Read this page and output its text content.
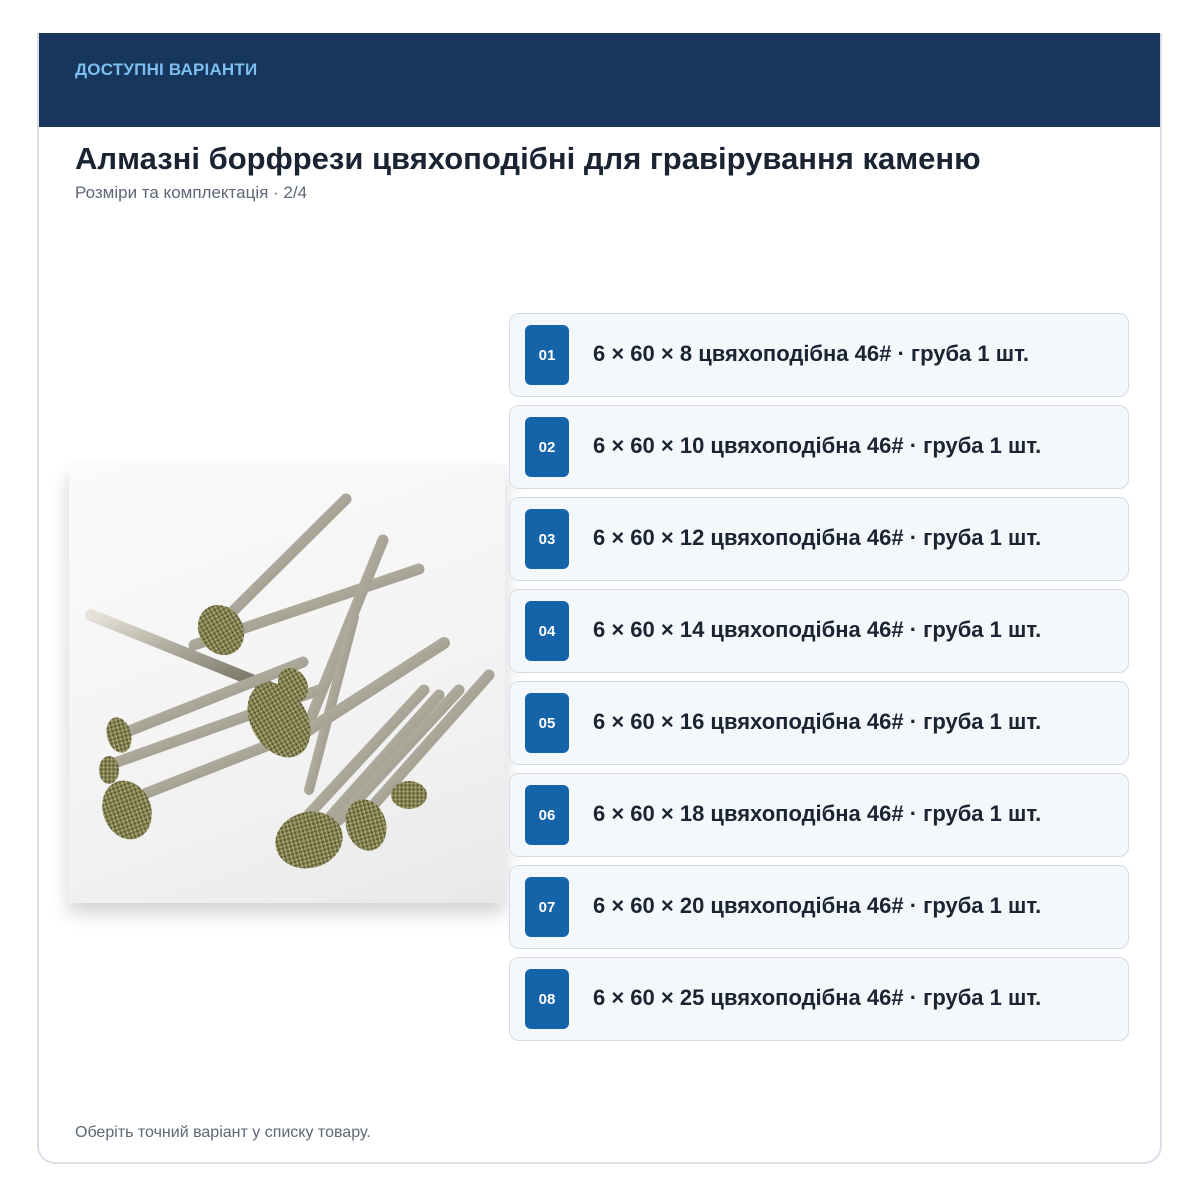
ДОСТУПНІ ВАРІАНТИ
Алмазні борфрези цвяхоподібні для гравірування каменю
Розміри та комплектація · 2/4
01	6 × 60 × 8 цвяхоподібна 46# · груба 1 шт.
02	6 × 60 × 10 цвяхоподібна 46# · груба 1 шт.
03	6 × 60 × 12 цвяхоподібна 46# · груба 1 шт.
04	6 × 60 × 14 цвяхоподібна 46# · груба 1 шт.
05	6 × 60 × 16 цвяхоподібна 46# · груба 1 шт.
06	6 × 60 × 18 цвяхоподібна 46# · груба 1 шт.
07	6 × 60 × 20 цвяхоподібна 46# · груба 1 шт.
08	6 × 60 × 25 цвяхоподібна 46# · груба 1 шт.
Оберіть точний варіант у списку товару.
